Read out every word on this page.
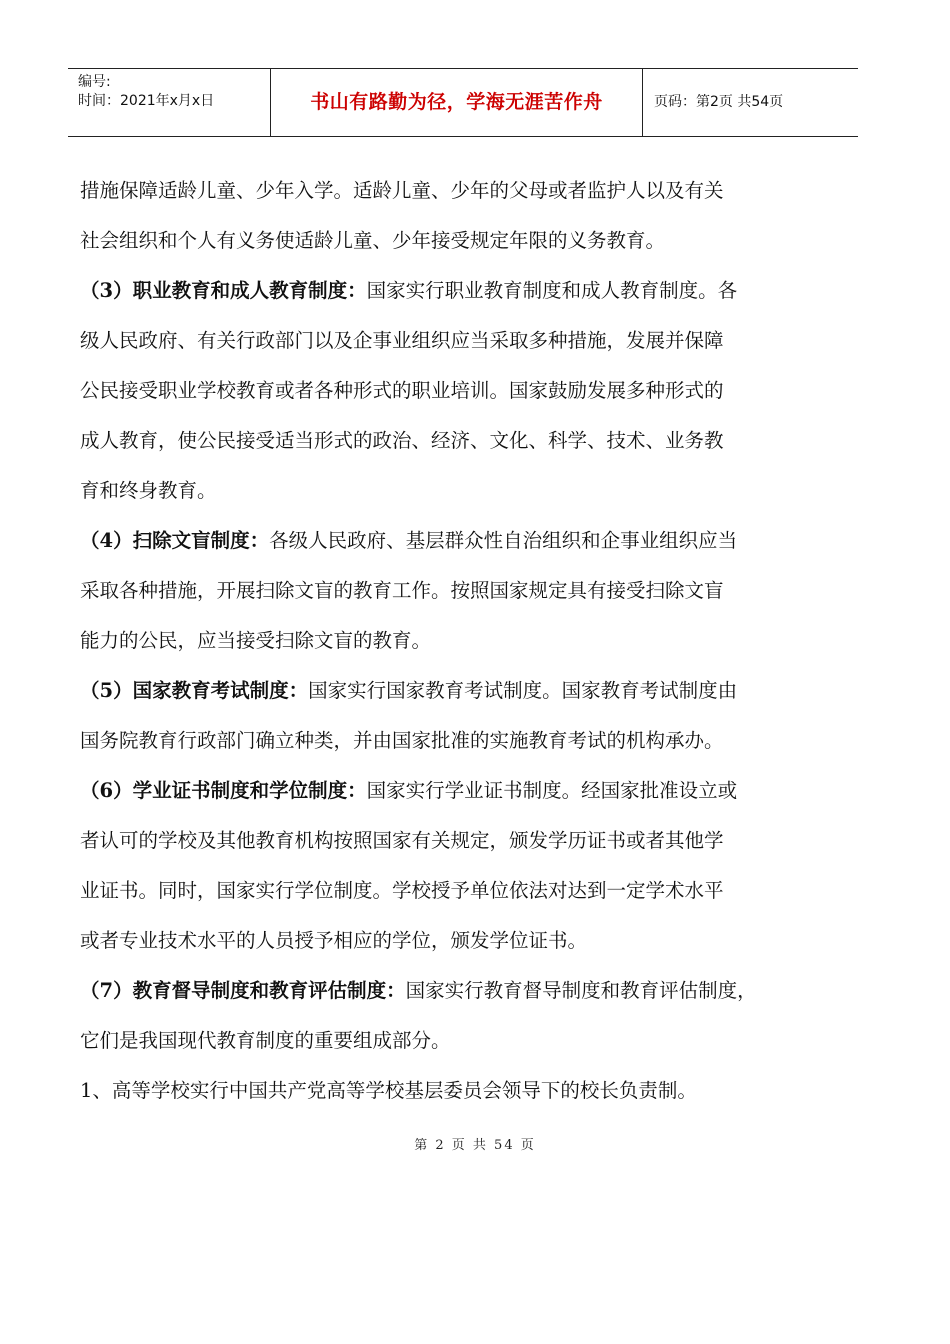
编号:
时间：2021年x月x日	书山有路勤为径，学海无涯苦作舟	页码：第2页 共54页
措施保障适龄儿童、少年入学。适龄儿童、少年的父母或者监护人以及有关
社会组织和个人有义务使适龄儿童、少年接受规定年限的义务教育。
（3）职业教育和成人教育制度：国家实行职业教育制度和成人教育制度。各
级人民政府、有关行政部门以及企事业组织应当采取多种措施，发展并保障
公民接受职业学校教育或者各种形式的职业培训。国家鼓励发展多种形式的
成人教育，使公民接受适当形式的政治、经济、文化、科学、技术、业务教
育和终身教育。
（4）扫除文盲制度：各级人民政府、基层群众性自治组织和企事业组织应当
采取各种措施，开展扫除文盲的教育工作。按照国家规定具有接受扫除文盲
能力的公民，应当接受扫除文盲的教育。
（5）国家教育考试制度：国家实行国家教育考试制度。国家教育考试制度由
国务院教育行政部门确立种类，并由国家批准的实施教育考试的机构承办。
（6）学业证书制度和学位制度：国家实行学业证书制度。经国家批准设立或
者认可的学校及其他教育机构按照国家有关规定，颁发学历证书或者其他学
业证书。同时，国家实行学位制度。学校授予单位依法对达到一定学术水平
或者专业技术水平的人员授予相应的学位，颁发学位证书。
（7）教育督导制度和教育评估制度：国家实行教育督导制度和教育评估制度，
它们是我国现代教育制度的重要组成部分。
1、高等学校实行中国共产党高等学校基层委员会领导下的校长负责制。
第 2 页 共 54 页
